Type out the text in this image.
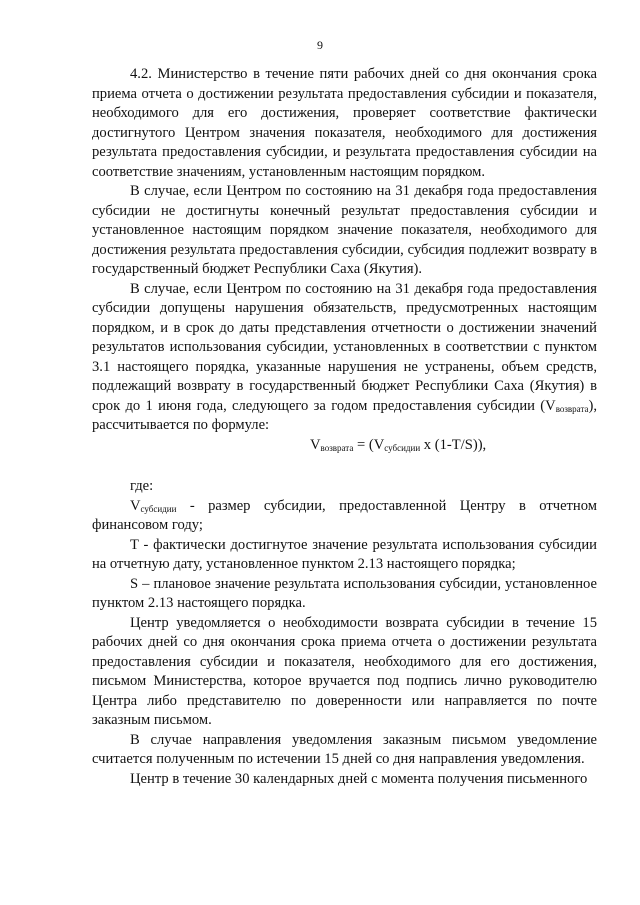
9

4.2. Министерство в течение пяти рабочих дней со дня окончания срока приема отчета о достижении результата предоставления субсидии и показателя, необходимого для его достижения, проверяет соответствие фактически достигнутого Центром значения показателя, необходимого для достижения результата предоставления субсидии, и результата предоставления субсидии на соответствие значениям, установленным настоящим порядком.

В случае, если Центром по состоянию на 31 декабря года предоставления субсидии не достигнуты конечный результат предоставления субсидии и установленное настоящим порядком значение показателя, необходимого для достижения результата предоставления субсидии, субсидия подлежит возврату в государственный бюджет Республики Саха (Якутия).

В случае, если Центром по состоянию на 31 декабря года предоставления субсидии допущены нарушения обязательств, предусмотренных настоящим порядком, и в срок до даты представления отчетности о достижении значений результатов использования субсидии, установленных в соответствии с пунктом 3.1 настоящего порядка, указанные нарушения не устранены, объем средств, подлежащий возврату в государственный бюджет Республики Саха (Якутия) в срок до 1 июня года, следующего за годом предоставления субсидии $(V_{возврата})$, рассчитывается по формуле:

$V_{возврата} = (V_{субсидии}$ x (1-T/S)),

где:

$V_{субсидии}$ - размер субсидии, предоставленной Центру в отчетном финансовом году;

T - фактически достигнутое значение результата использования субсидии на отчетную дату, установленное пунктом 2.13 настоящего порядка;

S – плановое значение результата использования субсидии, установленное пунктом 2.13 настоящего порядка.

Центр уведомляется о необходимости возврата субсидии в течение 15 рабочих дней со дня окончания срока приема отчета о достижении результата предоставления субсидии и показателя, необходимого для его достижения, письмом Министерства, которое вручается под подпись лично руководителю Центра либо представителю по доверенности или направляется по почте заказным письмом.

В случае направления уведомления заказным письмом уведомление считается полученным по истечении 15 дней со дня направления уведомления.

Центр в течение 30 календарных дней с момента получения письменного
